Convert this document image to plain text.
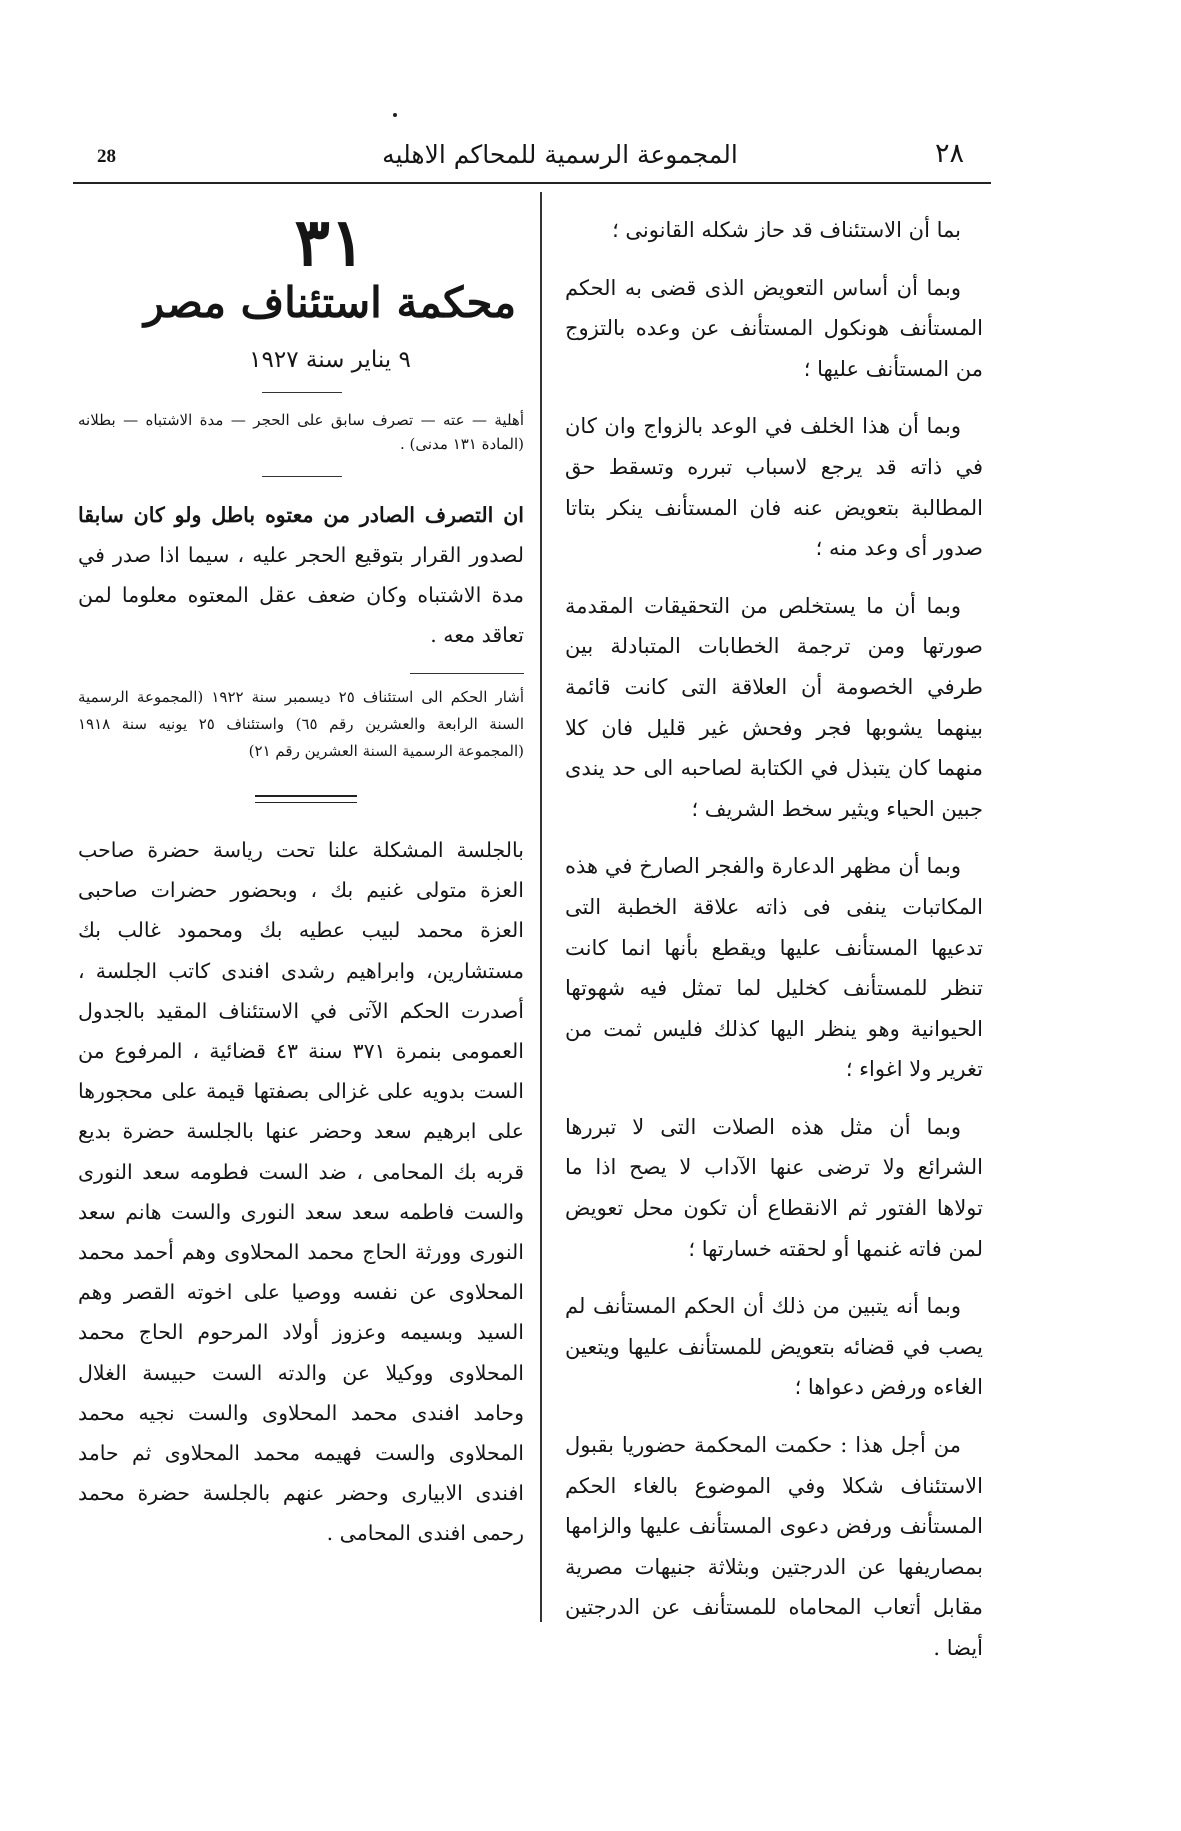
28	المجموعة الرسمية للمحاكم الاهليه	٢٨

بما أن الاستئناف قد حاز شكله القانونى ؛

وبما أن أساس التعويض الذى قضى به الحكم المستأنف هونكول المستأنف عن وعده بالتزوج من المستأنف عليها ؛

وبما أن هذا الخلف في الوعد بالزواج وان كان في ذاته قد يرجع لاسباب تبرره وتسقط حق المطالبة بتعويض عنه فان المستأنف ينكر بتاتا صدور أى وعد منه ؛

وبما أن ما يستخلص من التحقيقات المقدمة صورتها ومن ترجمة الخطابات المتبادلة بين طرفي الخصومة أن العلاقة التى كانت قائمة بينهما يشوبها فجر وفحش غير قليل فان كلا منهما كان يتبذل في الكتابة لصاحبه الى حد يندى جبين الحياء ويثير سخط الشريف ؛

وبما أن مظهر الدعارة والفجر الصارخ في هذه المكاتبات ينفى فى ذاته علاقة الخطبة التى تدعيها المستأنف عليها ويقطع بأنها انما كانت تنظر للمستأنف كخليل لما تمثل فيه شهوتها الحيوانية وهو ينظر اليها كذلك فليس ثمت من تغرير ولا اغواء ؛

وبما أن مثل هذه الصلات التى لا تبررها الشرائع ولا ترضى عنها الآداب لا يصح اذا ما تولاها الفتور ثم الانقطاع أن تكون محل تعويض لمن فاته غنمها أو لحقته خسارتها ؛

وبما أنه يتبين من ذلك أن الحكم المستأنف لم يصب في قضائه بتعويض للمستأنف عليها ويتعين الغاءه ورفض دعواها ؛

من أجل هذا : حكمت المحكمة حضوريا بقبول الاستئناف شكلا وفي الموضوع بالغاء الحكم المستأنف ورفض دعوى المستأنف عليها والزامها بمصاريفها عن الدرجتين وبثلاثة جنيهات مصرية مقابل أتعاب المحاماه للمستأنف عن الدرجتين أيضا .

٣١
محكمة استئناف مصر
٩ يناير سنة ١٩٢٧
أهلية — عته — تصرف سابق على الحجر — مدة الاشتباه — بطلانه (المادة ١٣١ مدنى) .
ان التصرف الصادر من معتوه باطل ولو كان سابقا لصدور القرار بتوقيع الحجر عليه ، سيما اذا صدر في مدة الاشتباه وكان ضعف عقل المعتوه معلوما لمن تعاقد معه .
أشار الحكم الى استئناف ٢٥ ديسمبر سنة ١٩٢٢ (المجموعة الرسمية السنة الرابعة والعشرين رقم ٦٥) واستئناف ٢٥ يونيه سنة ١٩١٨ (المجموعة الرسمية السنة العشرين رقم ٢١)

بالجلسة المشكلة علنا تحت رياسة حضرة صاحب العزة متولى غنيم بك ، وبحضور حضرات صاحبى العزة محمد لبيب عطيه بك ومحمود غالب بك مستشارين، وابراهيم رشدى افندى كاتب الجلسة ، أصدرت الحكم الآتى في الاستئناف المقيد بالجدول العمومى بنمرة ٣٧١ سنة ٤٣ قضائية ، المرفوع من الست بدويه على غزالى بصفتها قيمة على محجورها على ابرهيم سعد وحضر عنها بالجلسة حضرة بديع قربه بك المحامى ، ضد الست فطومه سعد النورى والست فاطمه سعد سعد النورى والست هانم سعد النورى وورثة الحاج محمد المحلاوى وهم أحمد محمد المحلاوى عن نفسه ووصيا على اخوته القصر وهم السيد وبسيمه وعزوز أولاد المرحوم الحاج محمد المحلاوى ووكيلا عن والدته الست حبيسة الغلال وحامد افندى محمد المحلاوى والست نجيه محمد المحلاوى والست فهيمه محمد المحلاوى ثم حامد افندى الابيارى وحضر عنهم بالجلسة حضرة محمد رحمى افندى المحامى .
